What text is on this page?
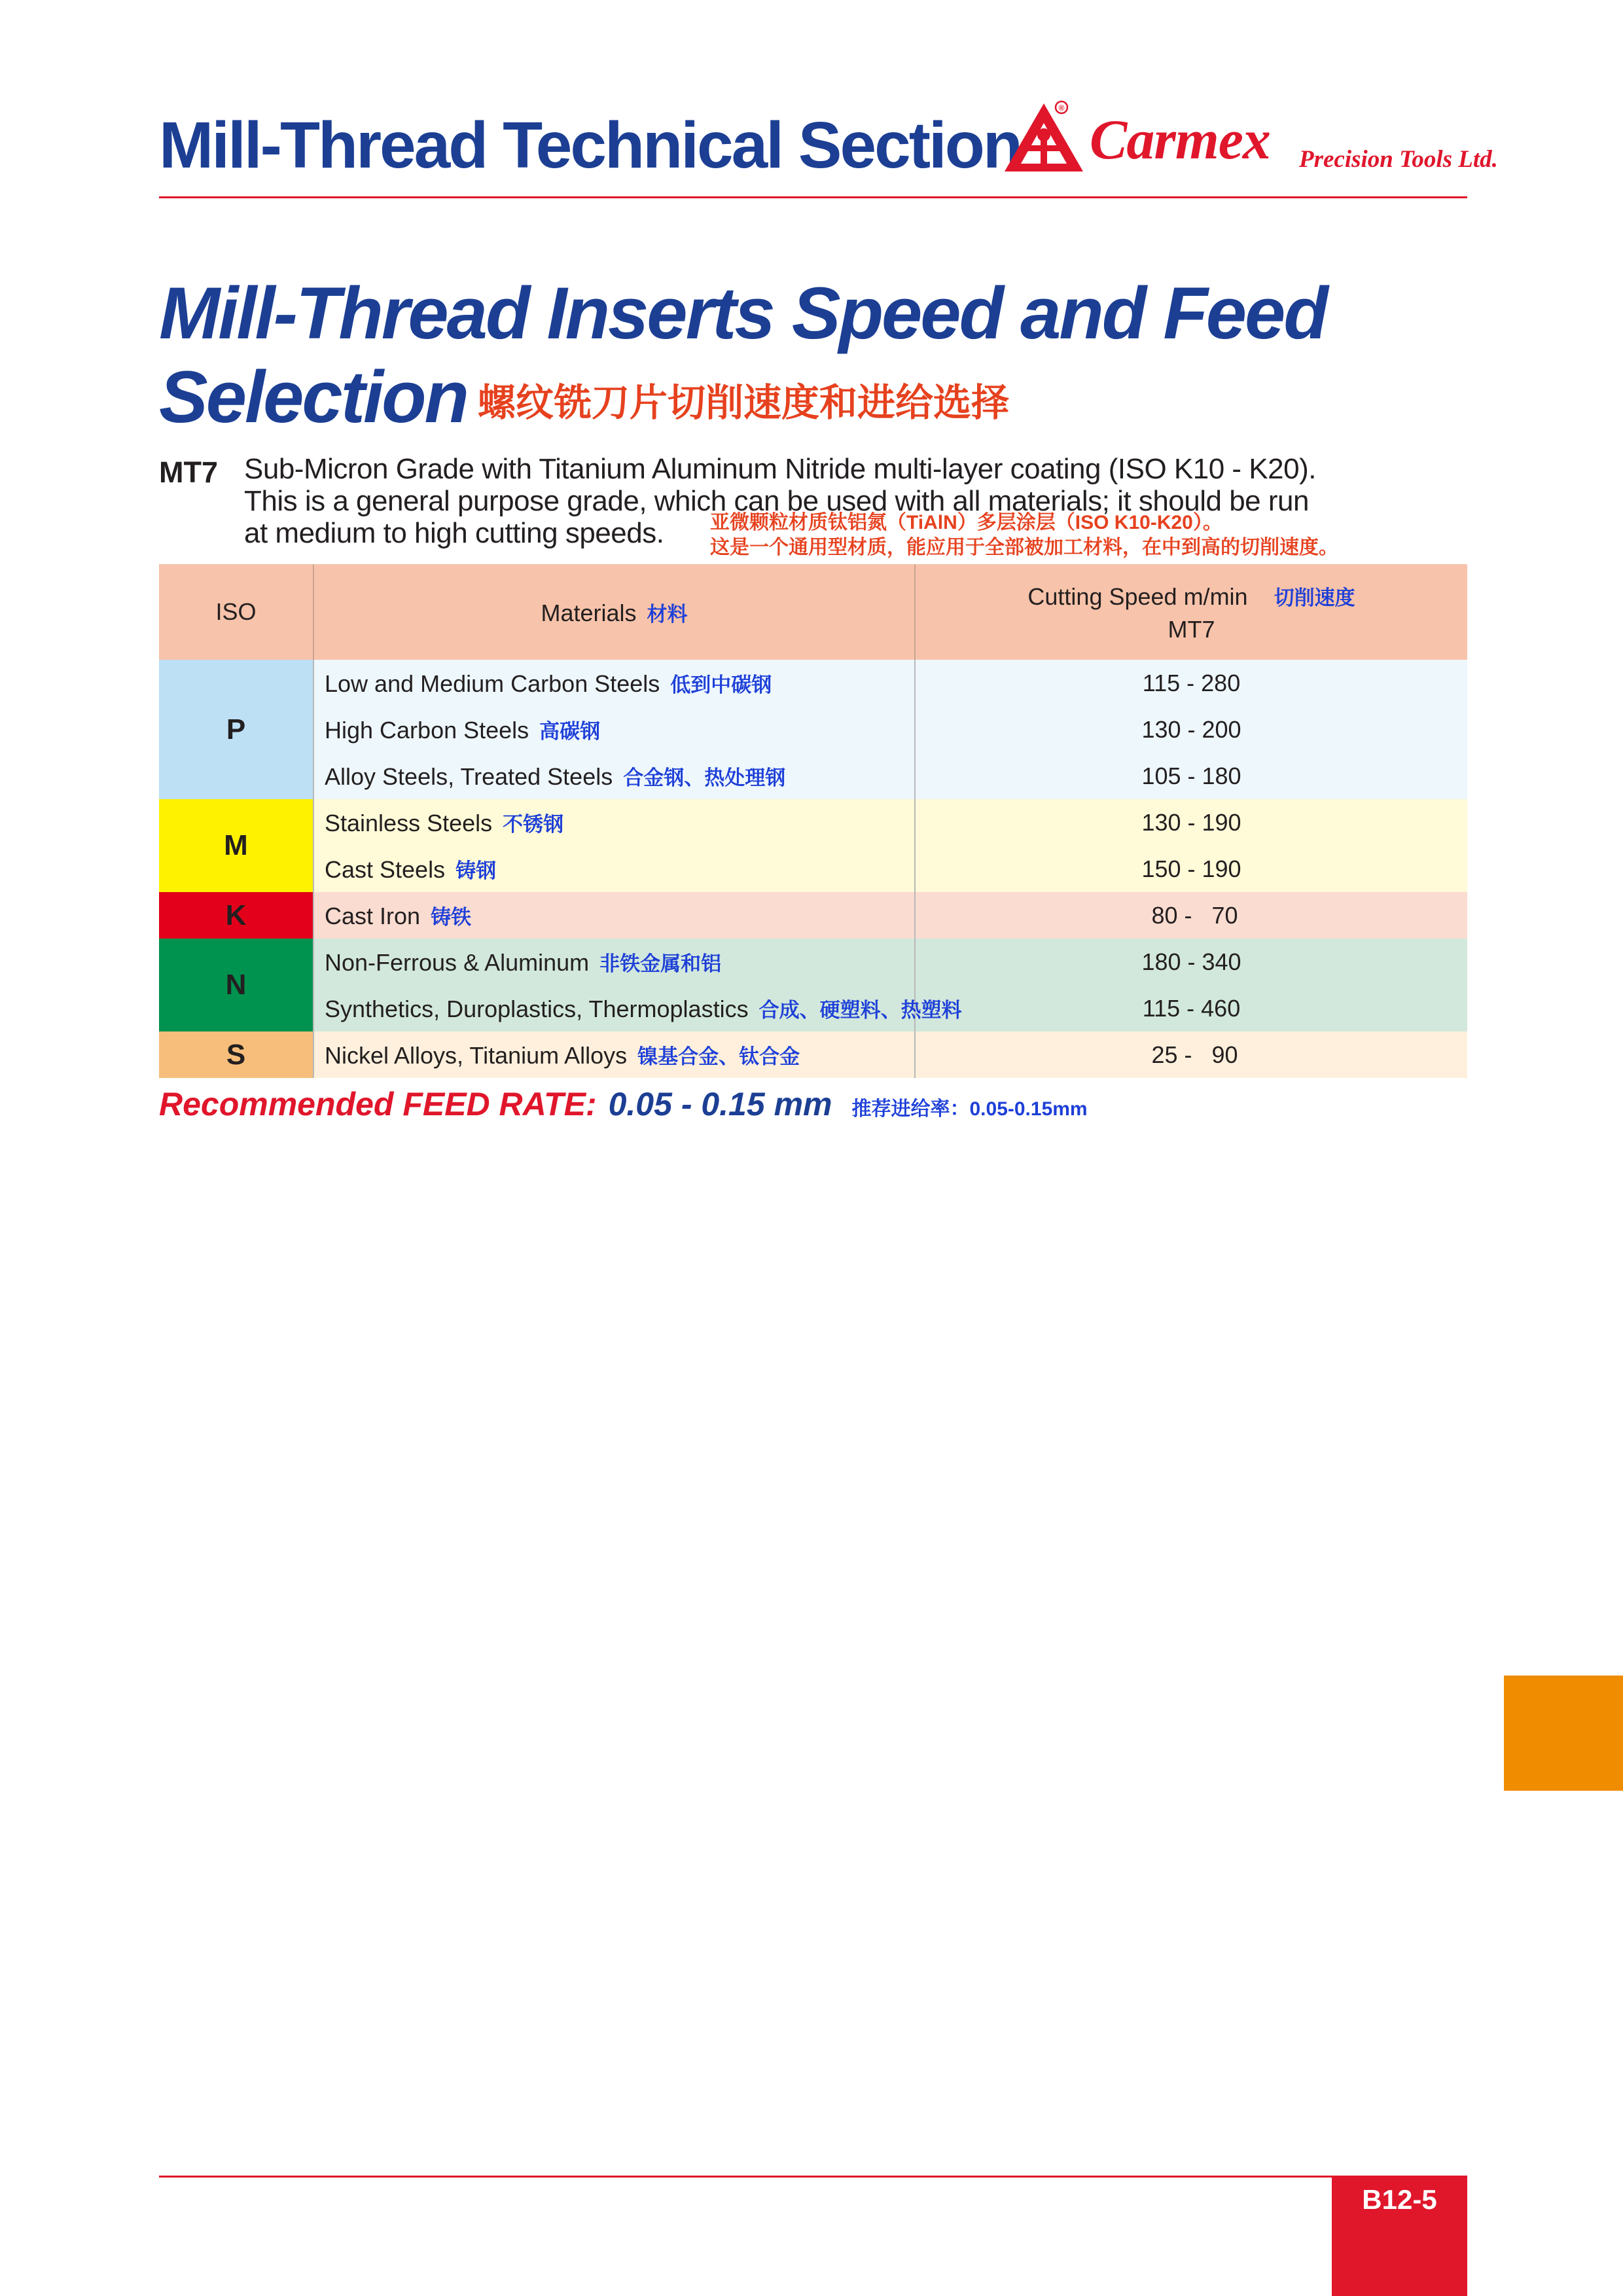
Mill-Thread Technical Section
® Carmex Precision Tools Ltd.
Mill-Thread Inserts Speed and Feed
Selection 螺纹铣刀片切削速度和进给选择
MT7 Sub-Micron Grade with Titanium Aluminum Nitride multi-layer coating (ISO K10 - K20).
This is a general purpose grade, which can be used with all materials; it should be run
at medium to high cutting speeds.	亚微颗粒材质钛铝氮（TiAlN）多层涂层（ISO K10-K20）。
这是一个通用型材质，能应用于全部被加工材料，在中到高的切削速度。
ISO	Materials 材料	Cutting Speed m/min 切削速度
MT7

P	Low and Medium Carbon Steels 低到中碳钢	115 - 280
	High Carbon Steels 高碳钢	130 - 200
	Alloy Steels, Treated Steels 合金钢、热处理钢	105 - 180
M	Stainless Steels 不锈钢	130 - 190
	Cast Steels 铸钢	150 - 190
K	Cast Iron 铸铁	80 -   70
N	Non-Ferrous & Aluminum 非铁金属和铝	180 - 340
	Synthetics, Duroplastics, Thermoplastics 合成、硬塑料、热塑料	115 - 460
S	Nickel Alloys, Titanium Alloys 镍基合金、钛合金	25 -   90
Recommended FEED RATE: 0.05 - 0.15 mm 推荐进给率：0.05-0.15mm
B12-5
